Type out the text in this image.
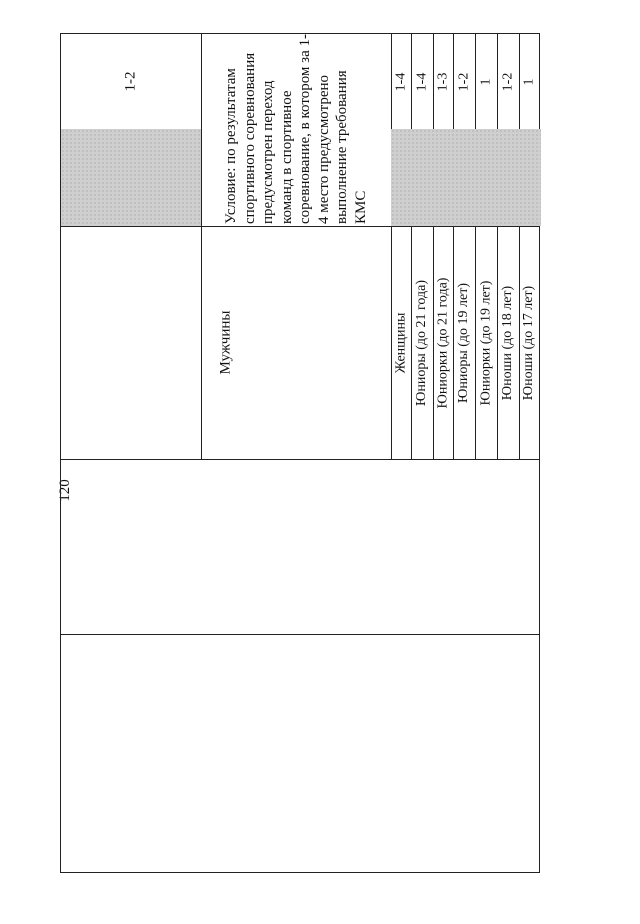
120
1-2	Условие: по результатам спортивного соревнования предусмотрен переход команд в спортивное соревнование, в котором за 1-4 место предусмотрено выполнение требования КМС
Мужчины	Женщины Юниоры (до 21 года) Юниорки (до 21 года) Юниоры (до 19 лет) Юниорки (до 19 лет) Юноши (до 18 лет) Юноши (до 17 лет)
1-4 1-4 1-3 1-2 1 1-2 1
